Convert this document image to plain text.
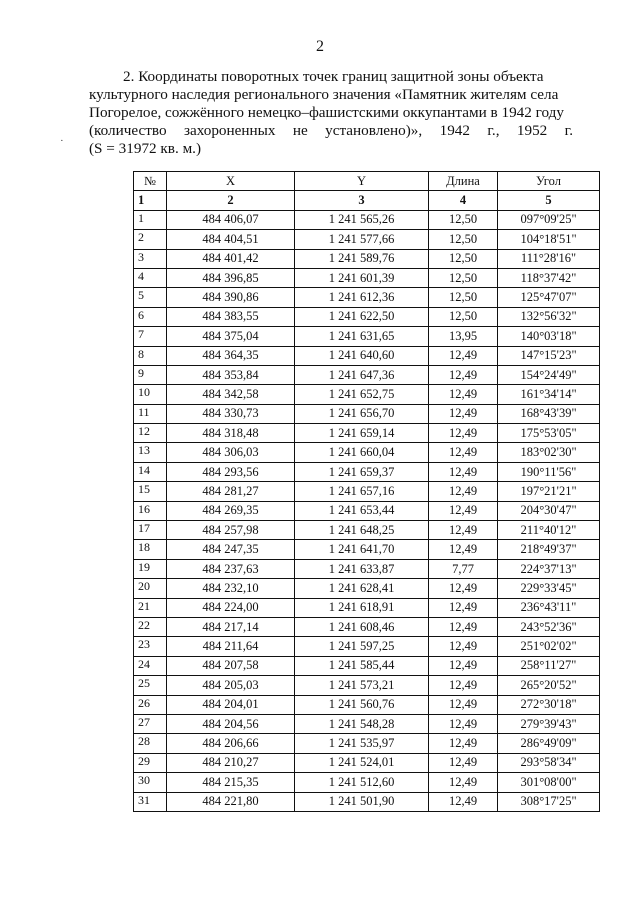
2
2. Координаты поворотных точек границ защитной зоны объекта
культурного наследия регионального значения «Памятник жителям села
Погорелое, сожжённого немецко–фашистскими оккупантами в 1942 году
(количество захороненных не установлено)», 1942 г., 1952 г.
(S = 31972 кв. м.)
·
№	X	Y	Длина	Угол
1	2	3	4	5
1	484 406,07	1 241 565,26	12,50	097°09'25"
2	484 404,51	1 241 577,66	12,50	104°18'51"
3	484 401,42	1 241 589,76	12,50	111°28'16"
4	484 396,85	1 241 601,39	12,50	118°37'42"
5	484 390,86	1 241 612,36	12,50	125°47'07"
6	484 383,55	1 241 622,50	12,50	132°56'32"
7	484 375,04	1 241 631,65	13,95	140°03'18"
8	484 364,35	1 241 640,60	12,49	147°15'23"
9	484 353,84	1 241 647,36	12,49	154°24'49"
10	484 342,58	1 241 652,75	12,49	161°34'14"
11	484 330,73	1 241 656,70	12,49	168°43'39"
12	484 318,48	1 241 659,14	12,49	175°53'05"
13	484 306,03	1 241 660,04	12,49	183°02'30"
14	484 293,56	1 241 659,37	12,49	190°11'56"
15	484 281,27	1 241 657,16	12,49	197°21'21"
16	484 269,35	1 241 653,44	12,49	204°30'47"
17	484 257,98	1 241 648,25	12,49	211°40'12"
18	484 247,35	1 241 641,70	12,49	218°49'37"
19	484 237,63	1 241 633,87	7,77	224°37'13"
20	484 232,10	1 241 628,41	12,49	229°33'45"
21	484 224,00	1 241 618,91	12,49	236°43'11"
22	484 217,14	1 241 608,46	12,49	243°52'36"
23	484 211,64	1 241 597,25	12,49	251°02'02"
24	484 207,58	1 241 585,44	12,49	258°11'27"
25	484 205,03	1 241 573,21	12,49	265°20'52"
26	484 204,01	1 241 560,76	12,49	272°30'18"
27	484 204,56	1 241 548,28	12,49	279°39'43"
28	484 206,66	1 241 535,97	12,49	286°49'09"
29	484 210,27	1 241 524,01	12,49	293°58'34"
30	484 215,35	1 241 512,60	12,49	301°08'00"
31	484 221,80	1 241 501,90	12,49	308°17'25"
